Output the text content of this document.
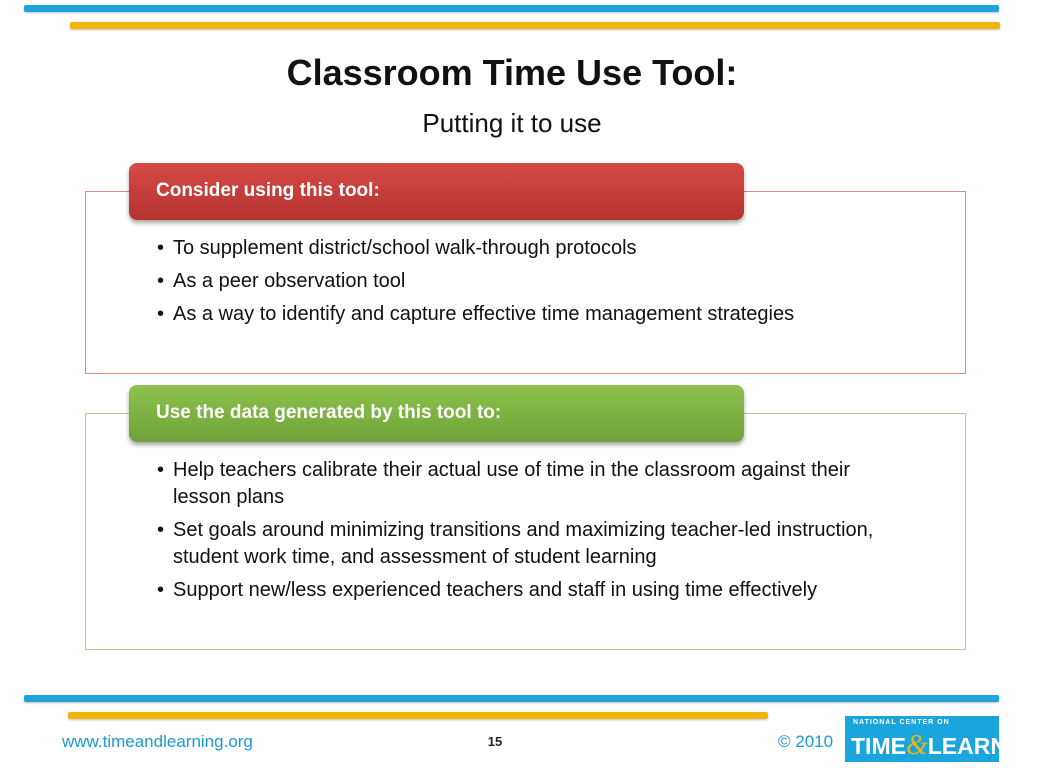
Classroom Time Use Tool:
Putting it to use
Consider using this tool:
• To supplement district/school walk-through protocols
• As a peer observation tool
• As a way to identify and capture effective time management strategies
Use the data generated by this tool to:
• Help teachers calibrate their actual use of time in the classroom against their lesson plans
• Set goals around minimizing transitions and maximizing teacher-led instruction, student work time, and assessment of student learning
• Support new/less experienced teachers and staff in using time effectively
www.timeandlearning.org	15	© 2010
NATIONAL CENTER ON
TIME&LEARNING
